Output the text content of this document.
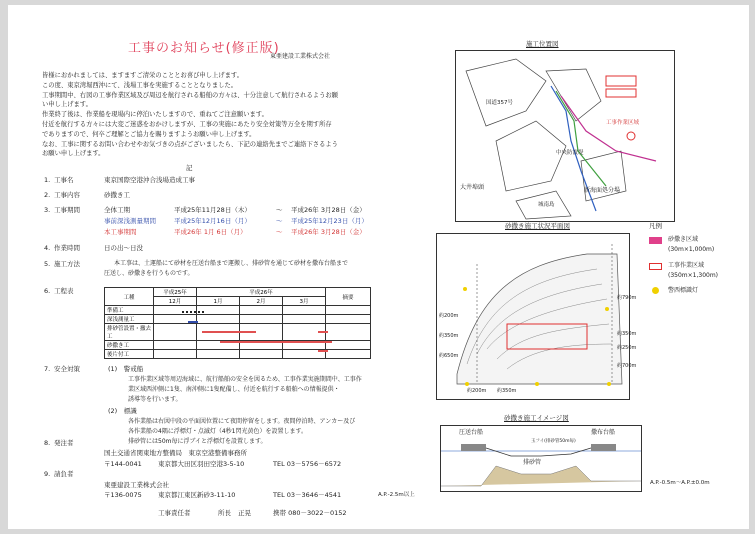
工事のお知らせ(修正版)
東亜建設工業株式会社
皆様におかれましては、ますますご清栄のこととお喜び申し上げます。
この度、東京湾堀西沖にて、浅場工事を実施することとなりました。
工事期間中、右図の工事作業区域及び周辺を航行される船舶の方々は、十分注意して航行されるようお願
い申し上げます。
作業終了後は、作業船を現場内に停泊いたしますので、重ねてご注意願います。
付近を航行する方々には大変ご迷惑をおかけしますが、工事の実施にあたり安全対策等万全を期す所存
でありますので、何卒ご理解とご協力を賜りますようお願い申し上げます。
なお、工事に関するお問い合わせやお気づきの点がございましたら、下記の連絡先までご連絡下さるよう
お願い申し上げます。
記
1. 工事名	東京国際空港沖合浅場造成工事
2. 工事内容	砂撒き工
3. 工事期間	全体工期	平成25年11月28日（木）	～ 平成26年 3月28日（金）
事前深浅測量期間	平成25年12月16日（月）	～ 平成25年12月23日（月）
本工事期間	平成26年 1月 6日（月）	～ 平成26年 3月28日（金）
4. 作業時間	日の出～日没
5. 施工方法	本工事は、土運船にて砂材を圧送台船まで運搬し、排砂管を通じて砂材を撒布台船まで
圧送し、砂撒きを行うものです。
6. 工程表
工種	平成25年	平成26年			摘要
	12月	1月	2月	3月	
準備工					
深浅測量工					
排砂管設置・撤去工					
砂撒き工					
後片付工					
7. 安全対策	(1)　警戒船
工事作業区域等周辺海域に、航行船舶の安全を図るため、工事作業実施期間中、工事作
業区域西沖側に1隻、南沖側に1隻配備し、付近を航行する船舶への情報提供・
誘導等を行います。
(2)　標識
各作業船は右図中段の平面図位置にて夜間停留をします。夜間停泊時、アンカー及び
各作業船の4隅に浮標灯・点滅灯（4秒1閃光黄色）を設置します。
排砂管には50m毎に浮ブイと浮標灯を設置します。
8. 発注者
国土交通省関東地方整備局　東京空港整備事務所
〒144-0041 東京都大田区羽田空港3-5-10	TEL 03－5756－6572
9. 請負者
東亜建設工業株式会社
〒136-0075 東京都江東区新砂3-11-10	TEL 03－3646－4541
工事責任者	所長 正晃	携帯 080－3022－0152
施工位置図
大井埠頭	新海面処分場
城南島
中央防波堤
工事作業区域
国道357号
砂撒き施工状況平面図
約790m
約350m
約250m
約700m
約200m
約350m
約650m
約200m 約350m
凡例
砂撒き区域
(30m×1,000m)
工事作業区域
(350m×1,300m)
警西標識灯
砂撒き施工イメージ図
圧送台船	撒布台船
排砂管
玉フイ(排砂管50m毎)
A.P.-2.5m以上
A.P.-0.5m～A.P.±0.0m
